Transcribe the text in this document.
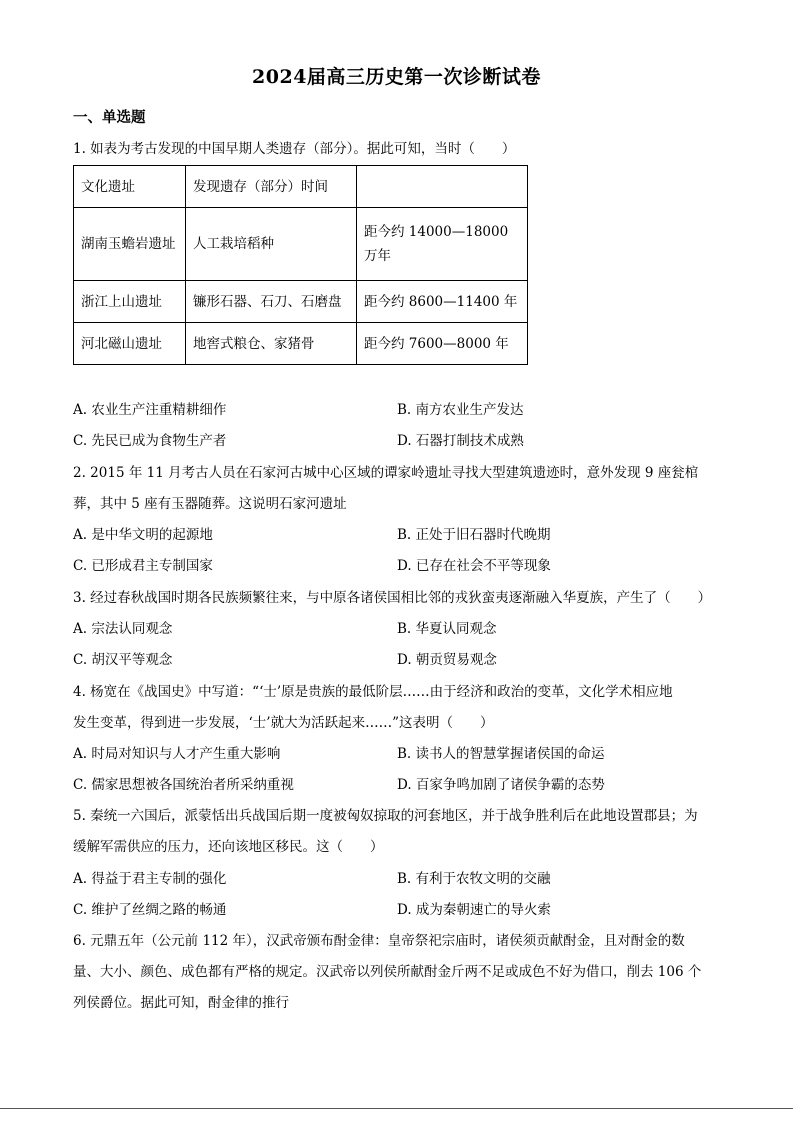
2024届高三历史第一次诊断试卷
一、单选题
1. 如表为考古发现的中国早期人类遗存（部分）。据此可知，当时（　　）
文化遗址	发现遗存（部分）时间	
湖南玉蟾岩遗址	人工栽培稻种	距今约 14000—18000 万年
浙江上山遗址	镰形石器、石刀、石磨盘	距今约 8600—11400 年
河北磁山遗址	地窖式粮仓、家猪骨	距今约 7600—8000 年
A. 农业生产注重精耕细作	B. 南方农业生产发达
C. 先民已成为食物生产者	D. 石器打制技术成熟
2. 2015 年 11 月考古人员在石家河古城中心区域的谭家岭遗址寻找大型建筑遗迹时，意外发现 9 座瓮棺
葬，其中 5 座有玉器随葬。这说明石家河遗址
A. 是中华文明的起源地	B. 正处于旧石器时代晚期
C. 已形成君主专制国家	D. 已存在社会不平等现象
3. 经过春秋战国时期各民族频繁往来，与中原各诸侯国相比邻的戎狄蛮夷逐渐融入华夏族，产生了（　　）
A. 宗法认同观念	B. 华夏认同观念
C. 胡汉平等观念	D. 朝贡贸易观念
4. 杨宽在《战国史》中写道：“‘士’原是贵族的最低阶层……由于经济和政治的变革，文化学术相应地
发生变革，得到进一步发展，‘士’就大为活跃起来……”这表明（　　）
A. 时局对知识与人才产生重大影响	B. 读书人的智慧掌握诸侯国的命运
C. 儒家思想被各国统治者所采纳重视	D. 百家争鸣加剧了诸侯争霸的态势
5. 秦统一六国后，派蒙恬出兵战国后期一度被匈奴掠取的河套地区，并于战争胜利后在此地设置郡县；为
缓解军需供应的压力，还向该地区移民。这（　　）
A. 得益于君主专制的强化	B. 有利于农牧文明的交融
C. 维护了丝绸之路的畅通	D. 成为秦朝速亡的导火索
6. 元鼎五年（公元前 112 年），汉武帝颁布酎金律：皇帝祭祀宗庙时，诸侯须贡献酎金，且对酎金的数
量、大小、颜色、成色都有严格的规定。汉武帝以列侯所献酎金斤两不足或成色不好为借口，削去 106 个
列侯爵位。据此可知，酎金律的推行
